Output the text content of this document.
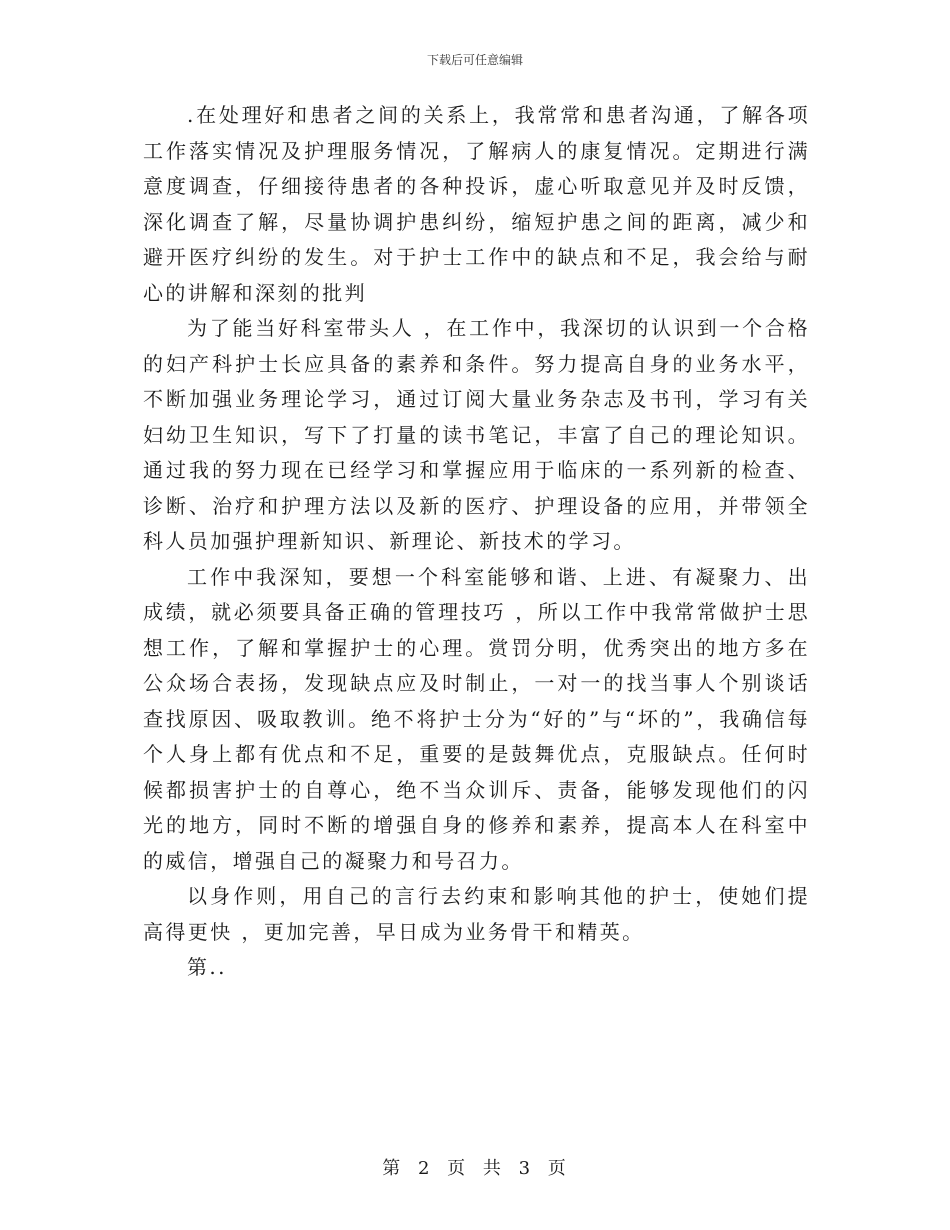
下载后可任意编辑

.在处理好和患者之间的关系上，我常常和患者沟通，了解各项工作落实情况及护理服务情况，了解病人的康复情况。定期进行满意度调查，仔细接待患者的各种投诉，虚心听取意见并及时反馈，深化调查了解，尽量协调护患纠纷，缩短护患之间的距离，减少和避开医疗纠纷的发生。对于护士工作中的缺点和不足，我会给与耐心的讲解和深刻的批判

为了能当好科室带头人 ，在工作中，我深切的认识到一个合格的妇产科护士长应具备的素养和条件。努力提高自身的业务水平，不断加强业务理论学习，通过订阅大量业务杂志及书刊，学习有关妇幼卫生知识，写下了打量的读书笔记，丰富了自己的理论知识。通过我的努力现在已经学习和掌握应用于临床的一系列新的检查、诊断、治疗和护理方法以及新的医疗、护理设备的应用，并带领全科人员加强护理新知识、新理论、新技术的学习。

工作中我深知，要想一个科室能够和谐、上进、有凝聚力、出成绩，就必须要具备正确的管理技巧 ，所以工作中我常常做护士思想工作，了解和掌握护士的心理。赏罚分明，优秀突出的地方多在公众场合表扬，发现缺点应及时制止，一对一的找当事人个别谈话查找原因、吸取教训。绝不将护士分为“好的”与“坏的”，我确信每个人身上都有优点和不足，重要的是鼓舞优点，克服缺点。任何时候都损害护士的自尊心，绝不当众训斥、责备，能够发现他们的闪光的地方，同时不断的增强自身的修养和素养，提高本人在科室中的威信，增强自己的凝聚力和号召力。

以身作则，用自己的言行去约束和影响其他的护士，使她们提高得更快 ，更加完善，早日成为业务骨干和精英。

第..

第 2 页 共 3 页
